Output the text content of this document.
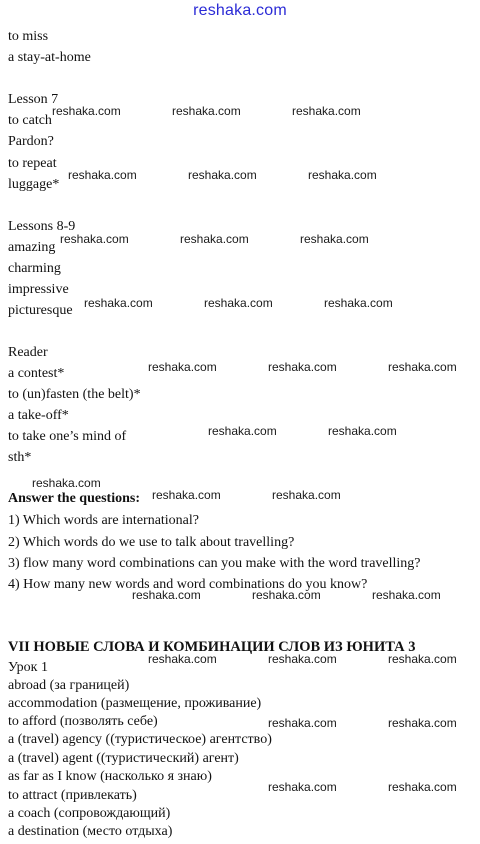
reshaka.com
to miss
a stay-at-home
Lesson 7
to catch
Pardon?
to repeat
luggage*
Lessons 8-9
amazing
charming
impressive
picturesque
Reader
a contest*
to (un)fasten (the belt)*
a take-off*
to take one’s mind of
sth*
Answer the questions:
1) Which words are international?
2) Which words do we use to talk about travelling?
3) flow many word combinations can you make with the word travelling?
4) How many new words and word combinations do you know?
VII НОВЫЕ СЛОВА И КОМБИНАЦИИ СЛОВ ИЗ ЮНИТА 3
Урок 1
abroad (за границей)
accommodation (размещение, проживание)
to afford (позволять себе)
a (travel) agency ((туристическое) агентство)
a (travel) agent ((туристический) агент)
as far as I know (насколько я знаю)
to attract (привлекать)
a coach (сопровождающий)
a destination (место отдыха)
reshaka.com	reshaka.com	reshaka.com
reshaka.com	reshaka.com	reshaka.com
reshaka.com	reshaka.com	reshaka.com
reshaka.com	reshaka.com	reshaka.com
reshaka.com	reshaka.com	reshaka.com
reshaka.com	reshaka.com
reshaka.com
reshaka.com	reshaka.com
reshaka.com	reshaka.com	reshaka.com
reshaka.com	reshaka.com	reshaka.com
reshaka.com	reshaka.com
reshaka.com	reshaka.com
